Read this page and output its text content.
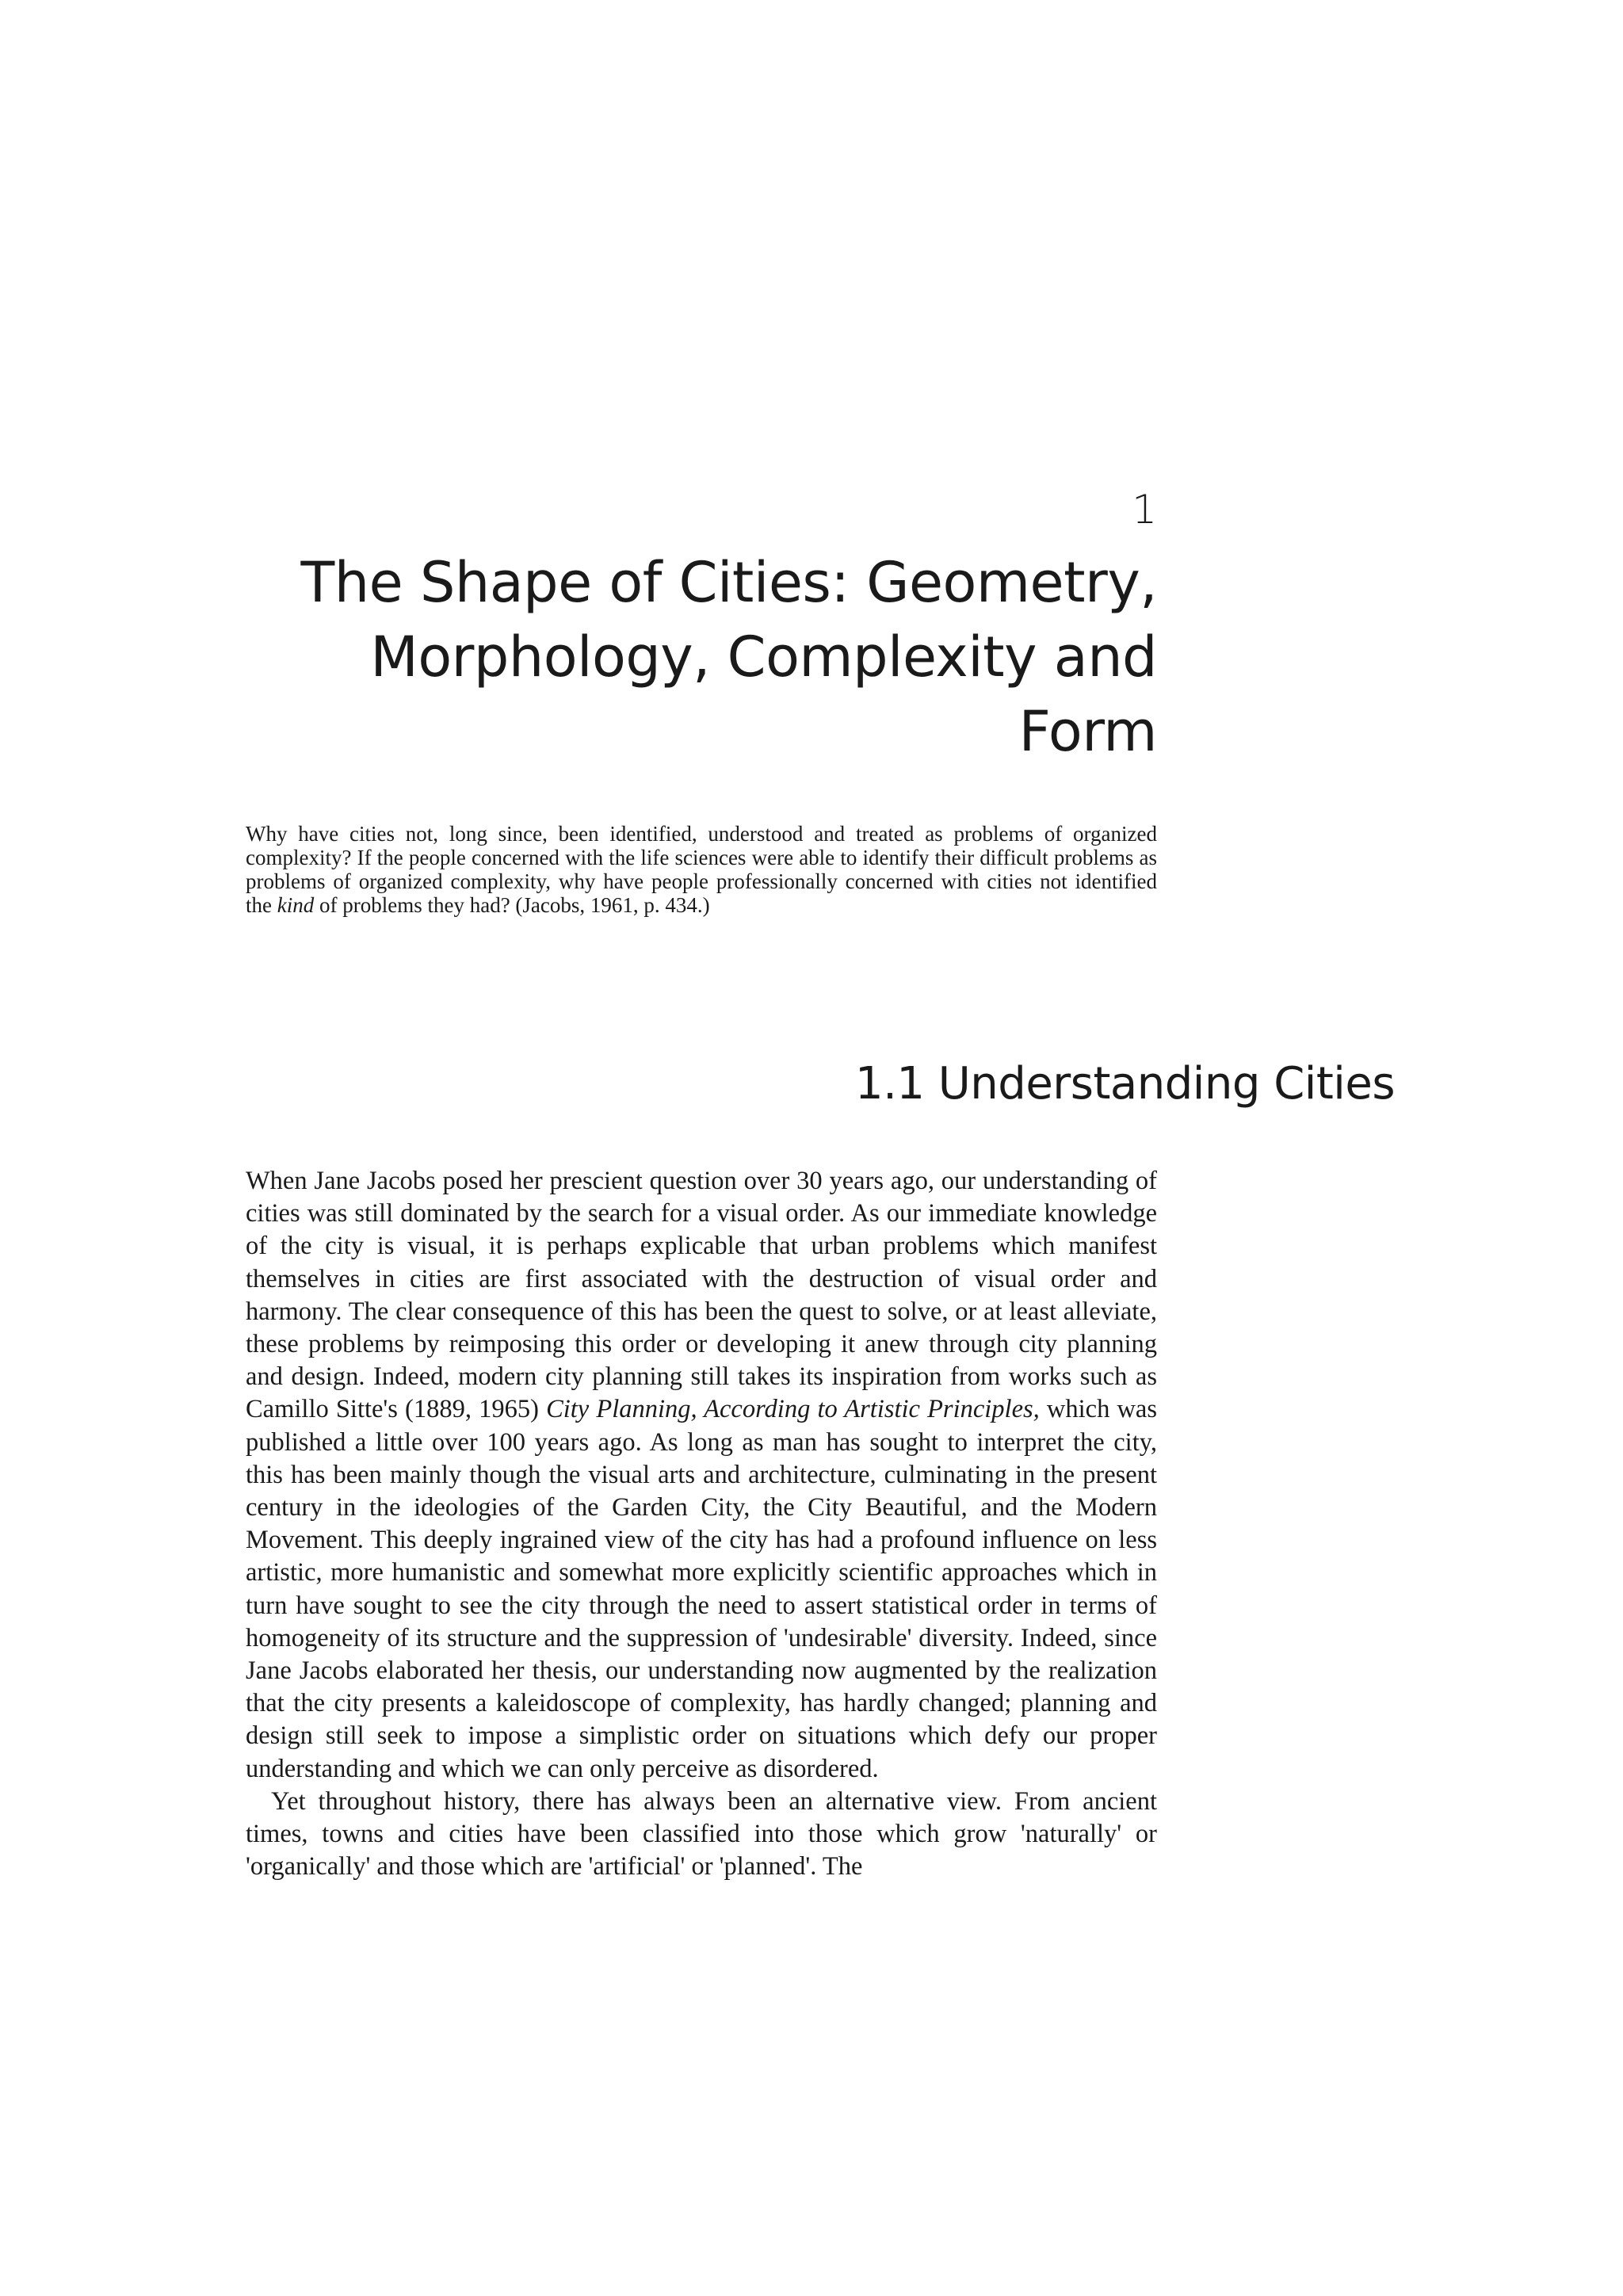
1
The Shape of Cities: Geometry,
Morphology, Complexity and
Form
Why have cities not, long since, been identified, understood and treated as problems of organized complexity? If the people concerned with the life sciences were able to identify their difficult problems as problems of organized complexity, why have people professionally concerned with cities not identified the kind of problems they had? (Jacobs, 1961, p. 434.)
1.1 Understanding Cities

When Jane Jacobs posed her prescient question over 30 years ago, our understanding of cities was still dominated by the search for a visual order. As our immediate knowledge of the city is visual, it is perhaps explicable that urban problems which manifest themselves in cities are first associated with the destruction of visual order and harmony. The clear consequence of this has been the quest to solve, or at least alleviate, these problems by reimposing this order or developing it anew through city planning and design. Indeed, modern city planning still takes its inspiration from works such as Camillo Sitte's (1889, 1965) City Planning, According to Artistic Principles, which was published a little over 100 years ago. As long as man has sought to interpret the city, this has been mainly though the visual arts and architecture, culminating in the present century in the ideologies of the Garden City, the City Beautiful, and the Modern Movement. This deeply ingrained view of the city has had a profound influence on less artistic, more humanistic and somewhat more explicitly scientific approaches which in turn have sought to see the city through the need to assert statistical order in terms of homogeneity of its structure and the suppression of 'undesirable' diversity. Indeed, since Jane Jacobs elaborated her thesis, our understanding now augmented by the realization that the city presents a kaleidoscope of complexity, has hardly changed; planning and design still seek to impose a simplistic order on situations which defy our proper understanding and which we can only perceive as disordered.

Yet throughout history, there has always been an alternative view. From ancient times, towns and cities have been classified into those which grow 'naturally' or 'organically' and those which are 'artificial' or 'planned'. The
